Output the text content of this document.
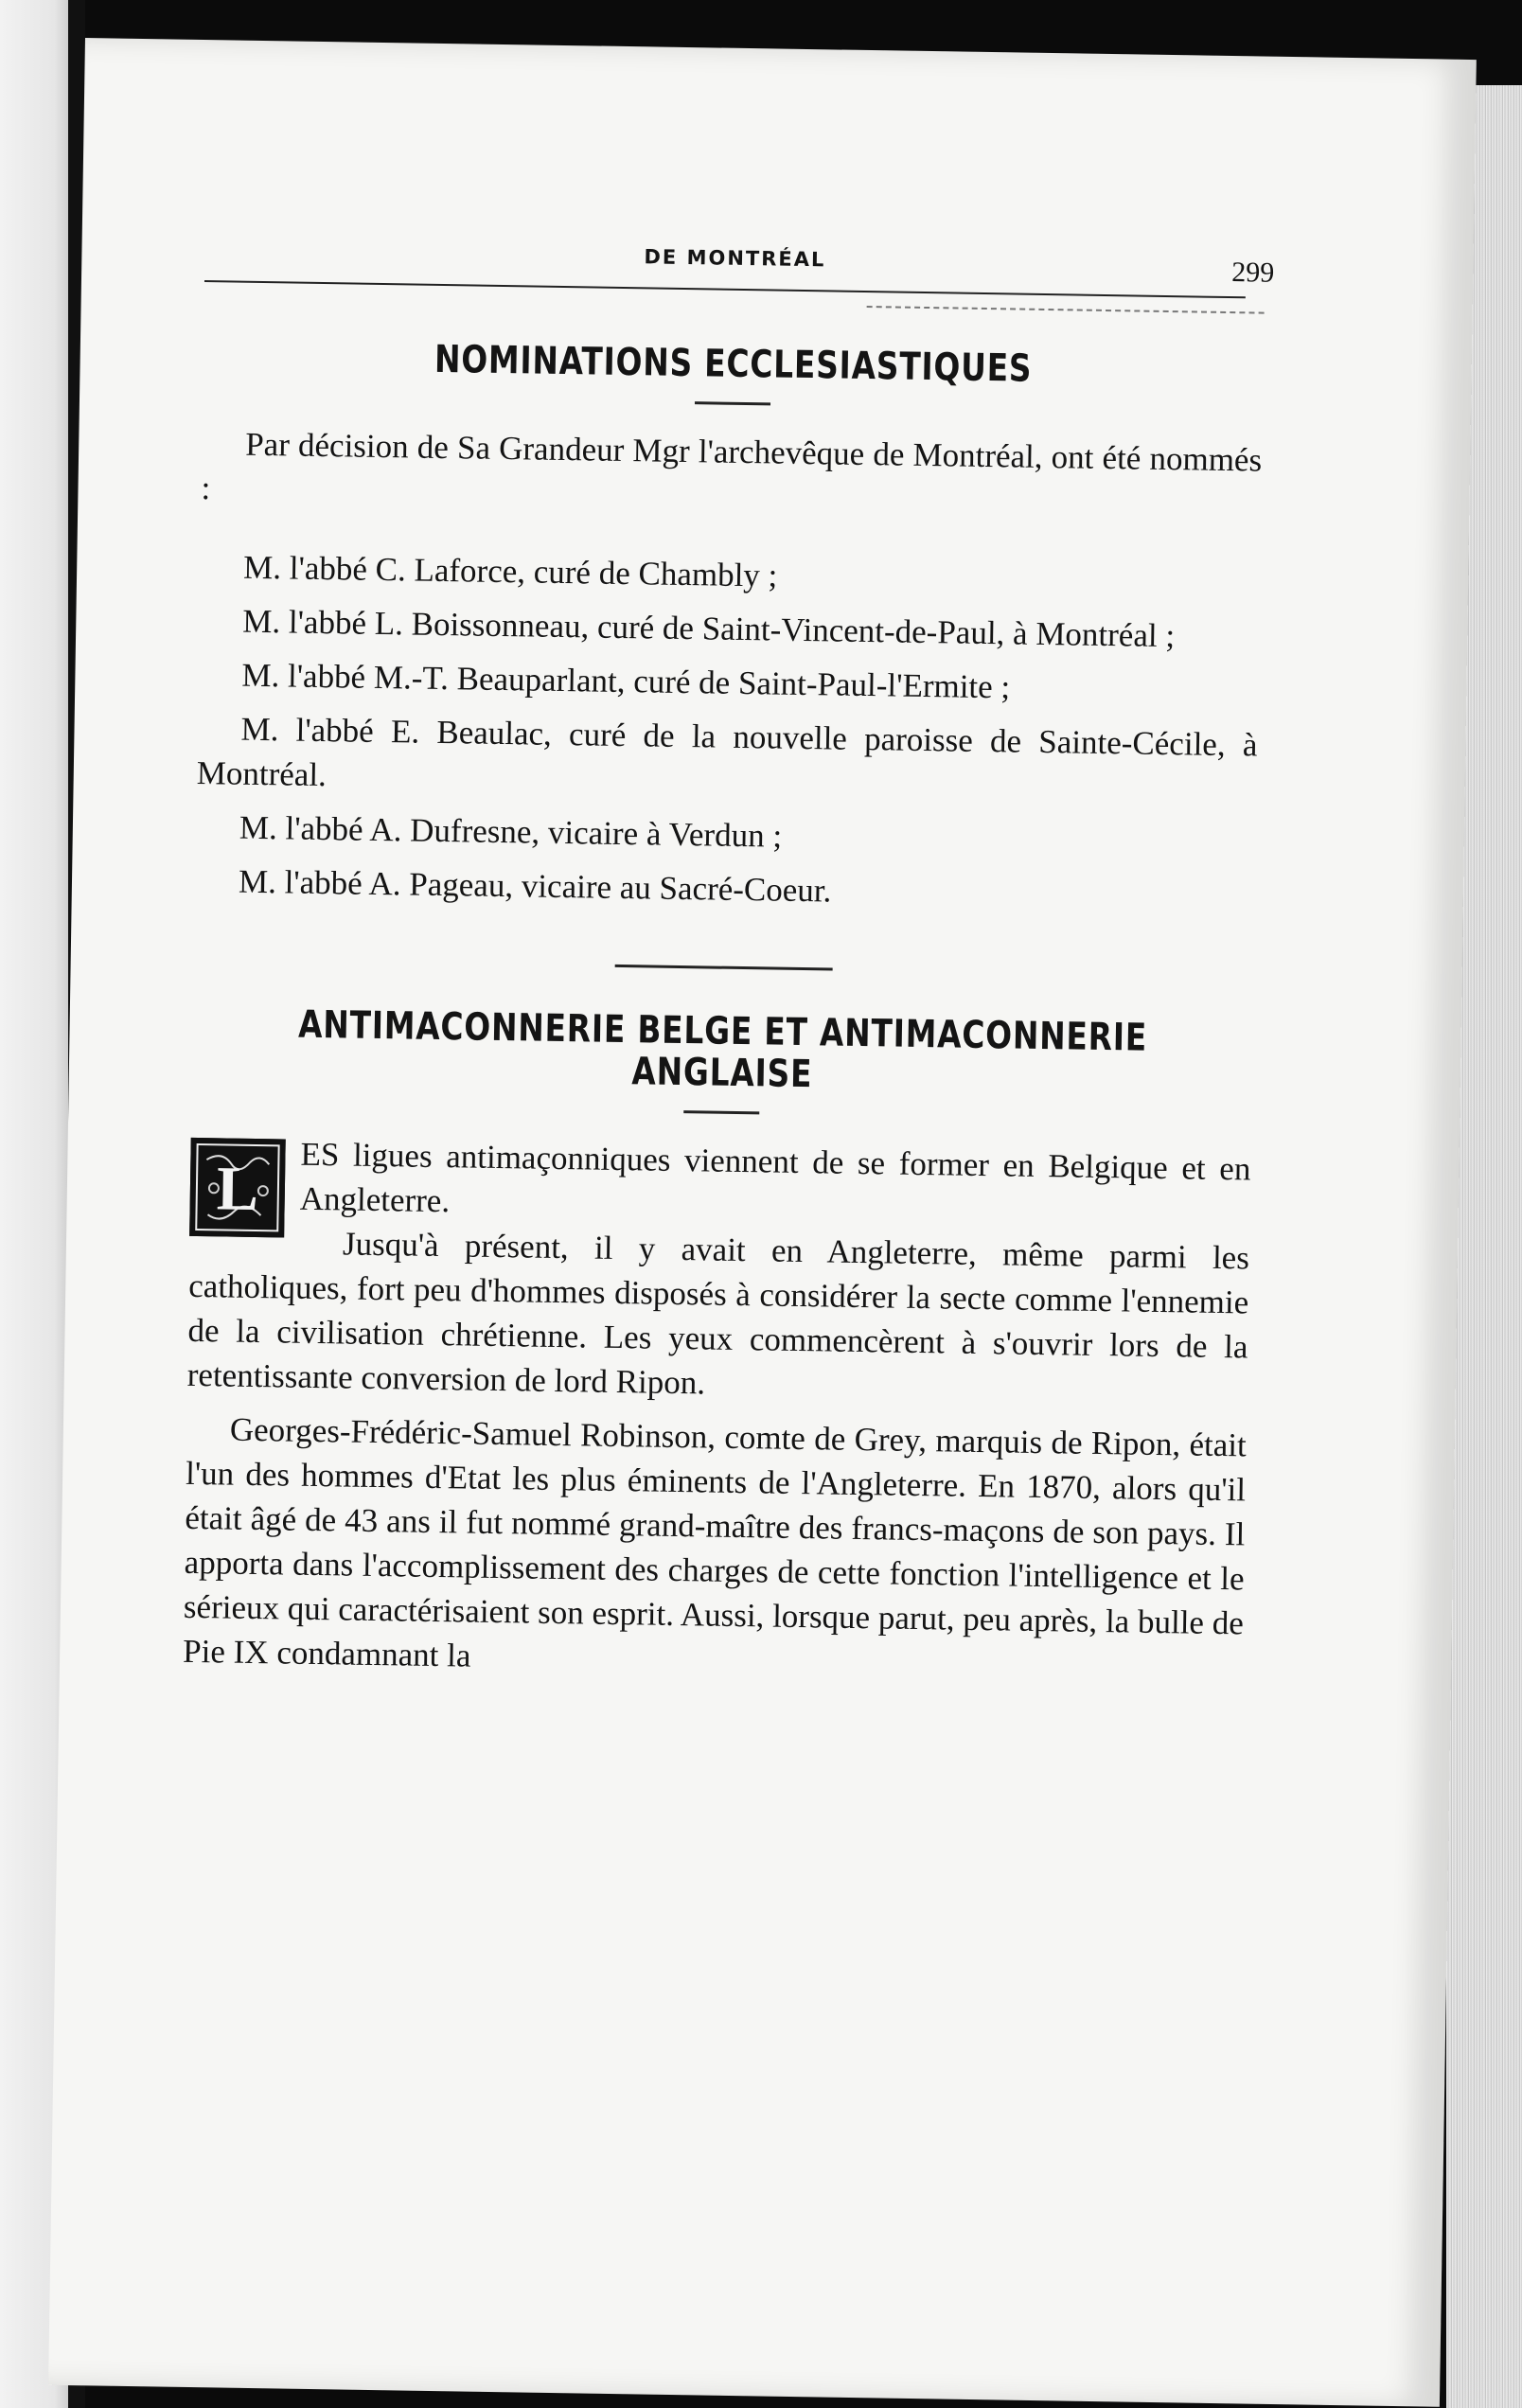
DE MONTRÉAL	299
NOMINATIONS ECCLESIASTIQUES

Par décision de Sa Grandeur Mgr l'archevêque de Montréal, ont été nommés :

M. l'abbé C. Laforce, curé de Chambly ;

M. l'abbé L. Boissonneau, curé de Saint-Vincent-de-Paul, à Montréal ;

M. l'abbé M.-T. Beauparlant, curé de Saint-Paul-l'Ermite ;

M. l'abbé E. Beaulac, curé de la nouvelle paroisse de Sainte-Cécile, à Montréal.

M. l'abbé A. Dufresne, vicaire à Verdun ;

M. l'abbé A. Pageau, vicaire au Sacré-Coeur.

ANTIMACONNERIE BELGE ET ANTIMACONNERIE ANGLAISE
L	ES ligues antimaçonniques viennent de se former en Belgique et en Angleterre.

Jusqu'à présent, il y avait en Angleterre, même parmi les catholiques, fort peu d'hommes disposés à considérer la secte comme l'ennemie de la civilisation chrétienne. Les yeux commencèrent à s'ouvrir lors de la retentissante conversion de lord Ripon.

Georges-Frédéric-Samuel Robinson, comte de Grey, marquis de Ripon, était l'un des hommes d'Etat les plus éminents de l'Angleterre. En 1870, alors qu'il était âgé de 43 ans il fut nommé grand-maître des francs-maçons de son pays. Il apporta dans l'accomplissement des charges de cette fonction l'intelligence et le sérieux qui caractérisaient son esprit. Aussi, lorsque parut, peu après, la bulle de Pie IX condamnant la
